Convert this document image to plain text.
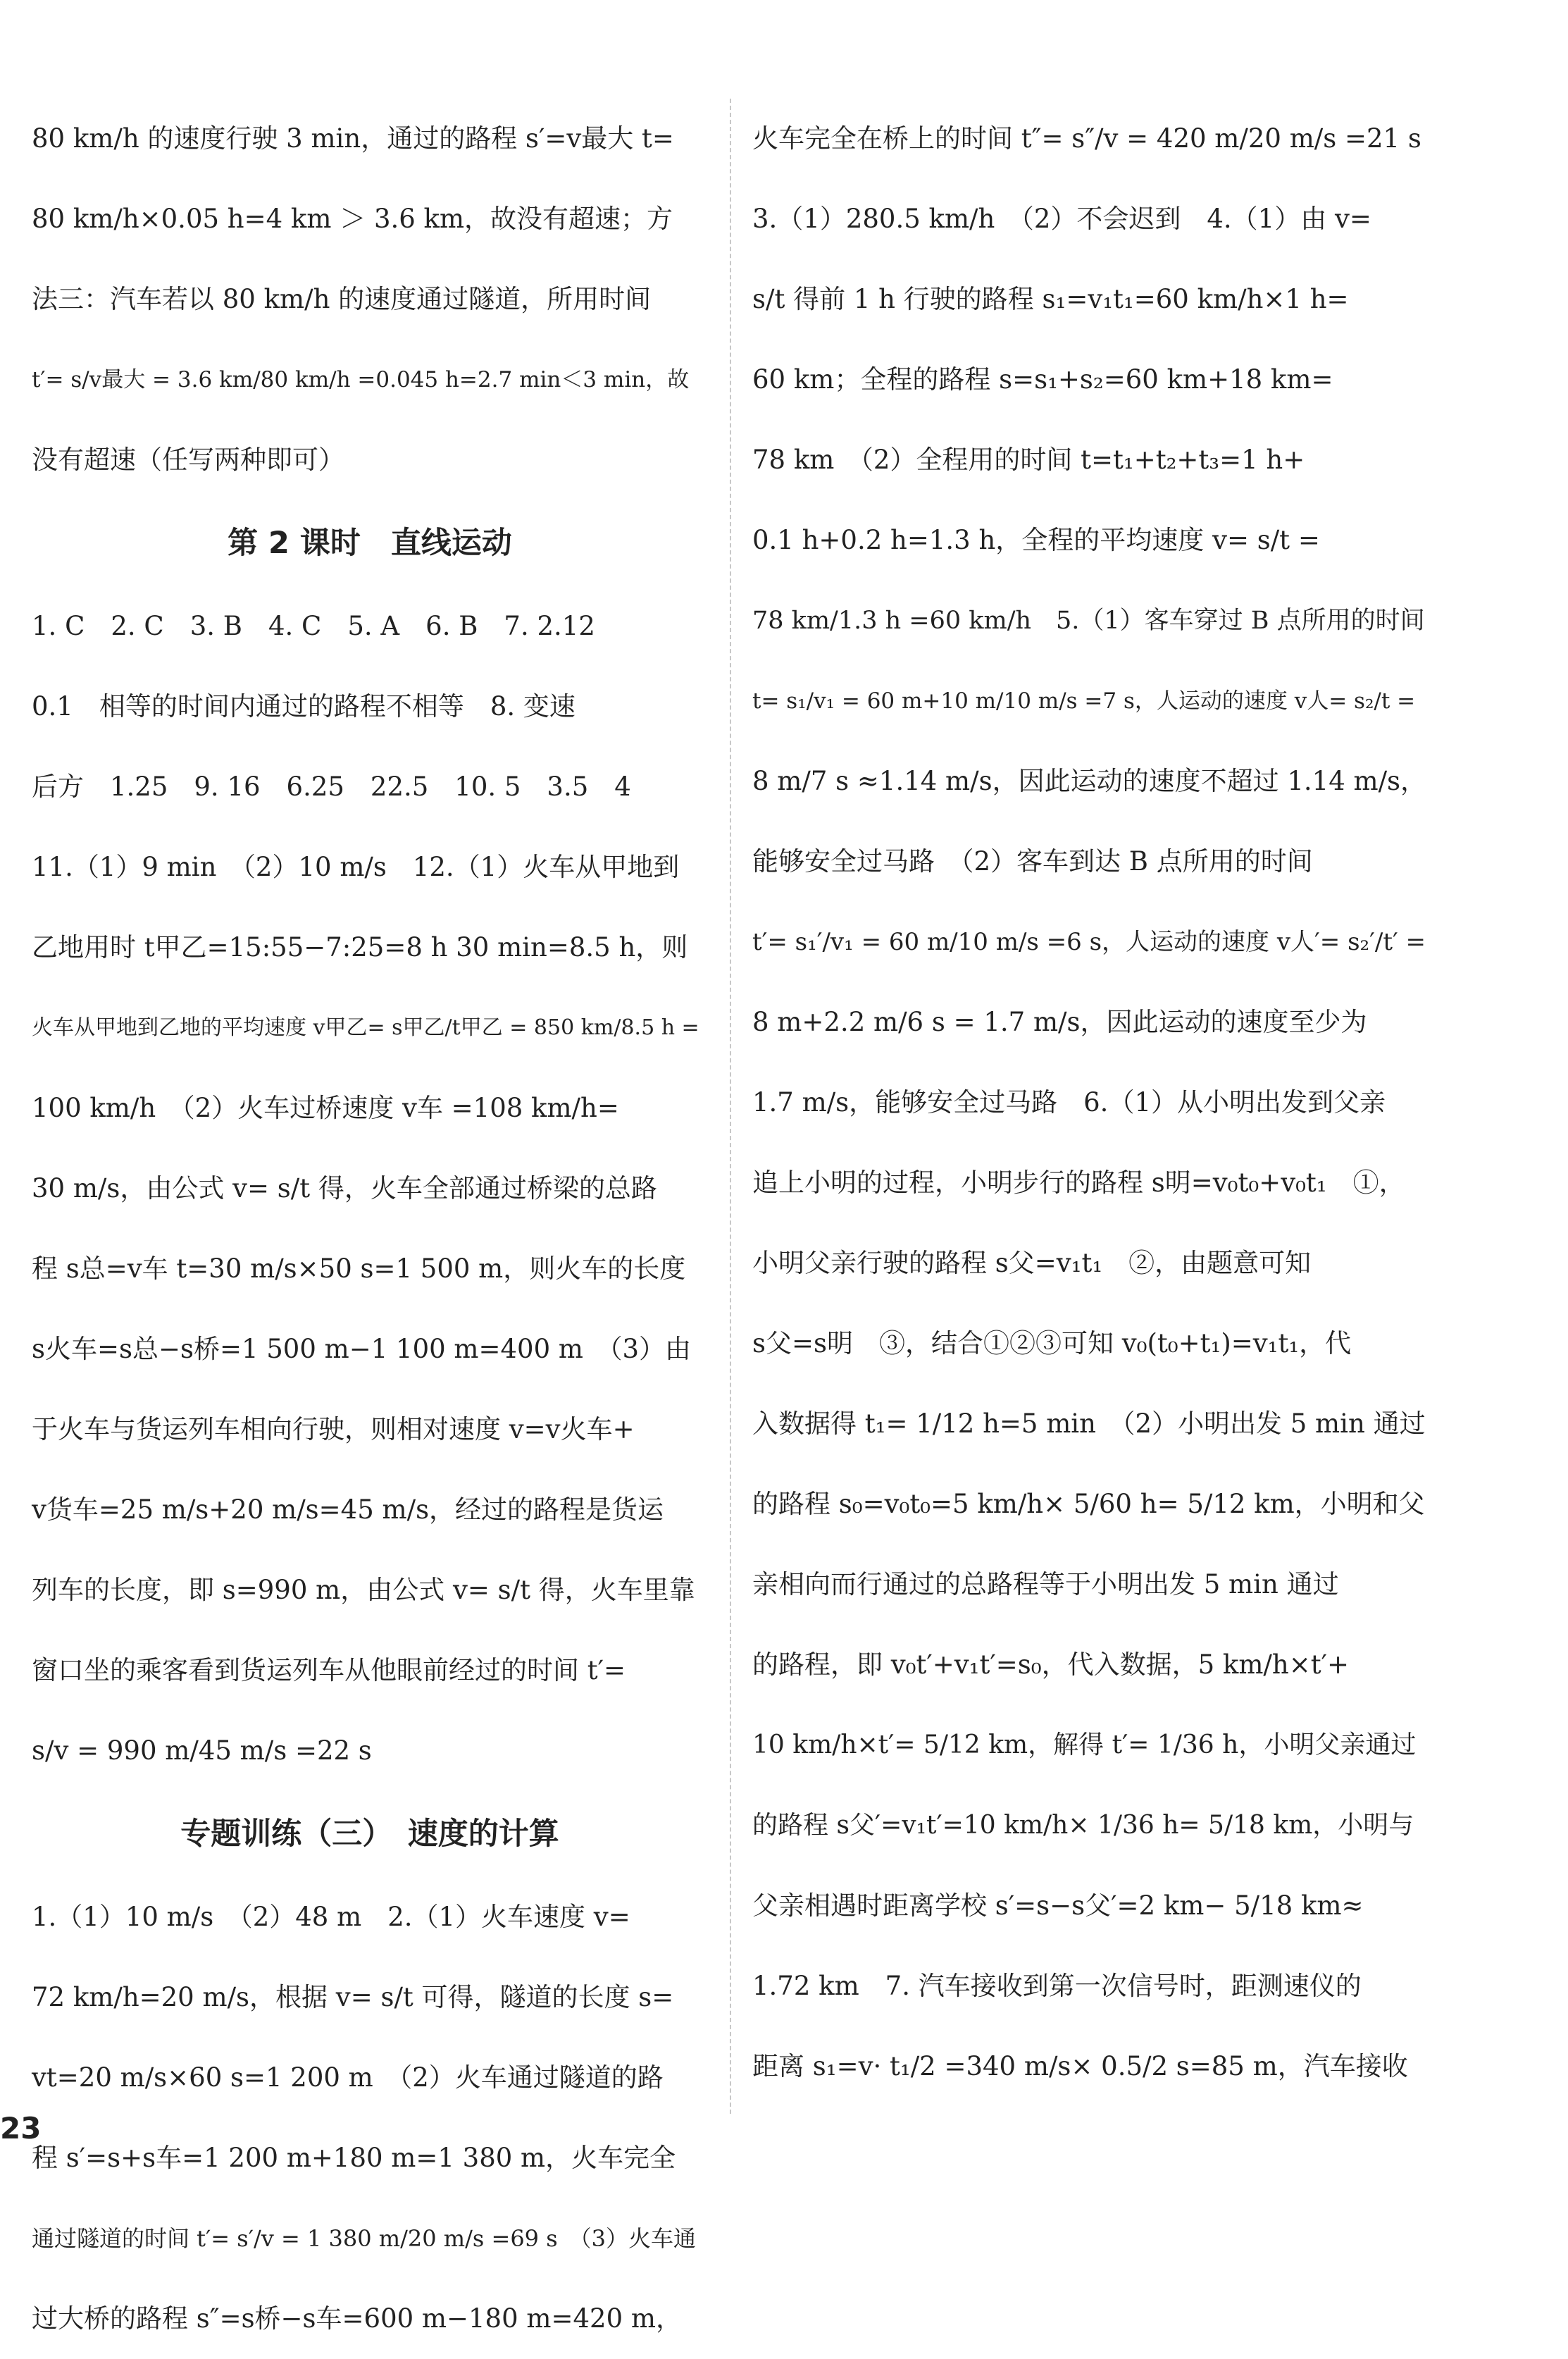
80 km/h 的速度行驶 3 min，通过的路程 s′=v最大 t=
80 km/h×0.05 h=4 km ＞ 3.6 km，故没有超速；方
法三：汽车若以 80 km/h 的速度通过隧道，所用时间
t′= s/v最大 = 3.6 km/80 km/h =0.045 h=2.7 min＜3 min，故
没有超速（任写两种即可）
第 2 课时　直线运动
1. C　2. C　3. B　4. C　5. A　6. B　7. 2.12
0.1　相等的时间内通过的路程不相等　8. 变速
后方　1.25　9. 16　6.25　22.5　10. 5　3.5　4
11.（1）9 min　（2）10 m/s　12.（1）火车从甲地到
乙地用时 t甲乙=15:55−7:25=8 h 30 min=8.5 h，则
火车从甲地到乙地的平均速度 v甲乙= s甲乙/t甲乙 = 850 km/8.5 h =
100 km/h　（2）火车过桥速度 v车 =108 km/h=
30 m/s，由公式 v= s/t 得，火车全部通过桥梁的总路
程 s总=v车 t=30 m/s×50 s=1 500 m，则火车的长度
s火车=s总−s桥=1 500 m−1 100 m=400 m　（3）由
于火车与货运列车相向行驶，则相对速度 v=v火车+
v货车=25 m/s+20 m/s=45 m/s，经过的路程是货运
列车的长度，即 s=990 m，由公式 v= s/t 得，火车里靠
窗口坐的乘客看到货运列车从他眼前经过的时间 t′=
s/v = 990 m/45 m/s =22 s
专题训练（三）　速度的计算
1.（1）10 m/s　（2）48 m　2.（1）火车速度 v=
72 km/h=20 m/s，根据 v= s/t 可得，隧道的长度 s=
vt=20 m/s×60 s=1 200 m　（2）火车通过隧道的路
程 s′=s+s车=1 200 m+180 m=1 380 m，火车完全
通过隧道的时间 t′= s′/v = 1 380 m/20 m/s =69 s　（3）火车通
过大桥的路程 s″=s桥−s车=600 m−180 m=420 m，
火车完全在桥上的时间 t″= s″/v = 420 m/20 m/s =21 s
3.（1）280.5 km/h　（2）不会迟到　4.（1）由 v=
s/t 得前 1 h 行驶的路程 s₁=v₁t₁=60 km/h×1 h=
60 km；全程的路程 s=s₁+s₂=60 km+18 km=
78 km　（2）全程用的时间 t=t₁+t₂+t₃=1 h+
0.1 h+0.2 h=1.3 h，全程的平均速度 v= s/t =
78 km/1.3 h =60 km/h　5.（1）客车穿过 B 点所用的时间
t= s₁/v₁ = 60 m+10 m/10 m/s =7 s，人运动的速度 v人= s₂/t =
8 m/7 s ≈1.14 m/s，因此运动的速度不超过 1.14 m/s，
能够安全过马路　（2）客车到达 B 点所用的时间
t′= s₁′/v₁ = 60 m/10 m/s =6 s，人运动的速度 v人′= s₂′/t′ =
8 m+2.2 m/6 s = 1.7 m/s，因此运动的速度至少为
1.7 m/s，能够安全过马路　6.（1）从小明出发到父亲
追上小明的过程，小明步行的路程 s明=v₀t₀+v₀t₁　①，
小明父亲行驶的路程 s父=v₁t₁　②，由题意可知
s父=s明　③，结合①②③可知 v₀(t₀+t₁)=v₁t₁，代
入数据得 t₁= 1/12 h=5 min　（2）小明出发 5 min 通过
的路程 s₀=v₀t₀=5 km/h× 5/60 h= 5/12 km，小明和父
亲相向而行通过的总路程等于小明出发 5 min 通过
的路程，即 v₀t′+v₁t′=s₀，代入数据，5 km/h×t′+
10 km/h×t′= 5/12 km，解得 t′= 1/36 h，小明父亲通过
的路程 s父′=v₁t′=10 km/h× 1/36 h= 5/18 km，小明与
父亲相遇时距离学校 s′=s−s父′=2 km− 5/18 km≈
1.72 km　7. 汽车接收到第一次信号时，距测速仪的
距离 s₁=v· t₁/2 =340 m/s× 0.5/2 s=85 m，汽车接收
23
